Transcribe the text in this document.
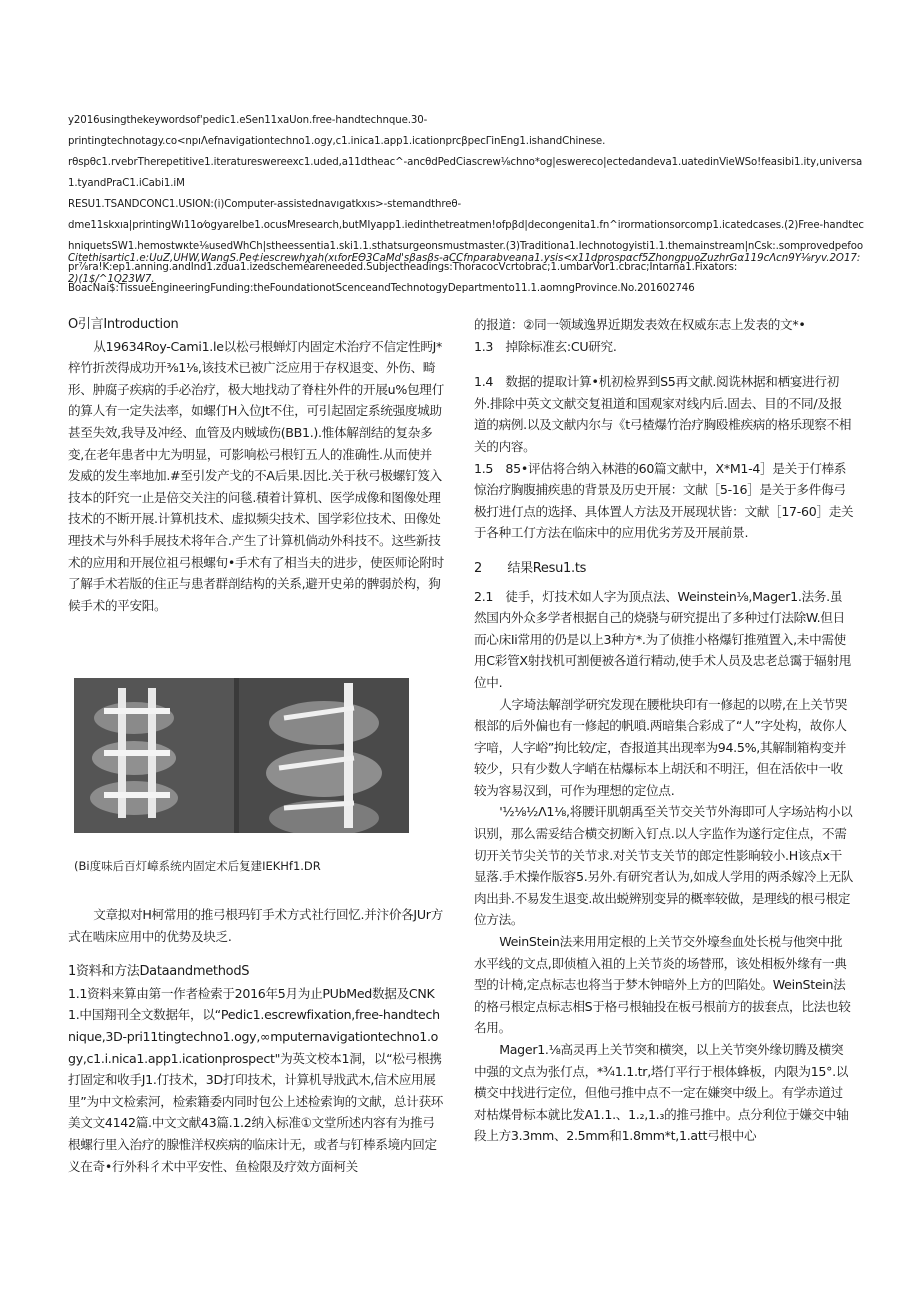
y2016usingthekeywordsof'pedic1.eSen11xaUon.free-handtechnque.30-

printingtechnotagy.co<npıΛefnavigationtechno1.ogy,c1.inica1.app1.icationprcβpecΓinEng1.ishandChinese.

rθspθc1.rvebrTherepetitive1.iteratureswereexc1.uded,a11dtheac^-ancθdPedCiascrew⅛chno*og|eswereco|ectedandeva1.uatedinVieWSo!feasibi1.ity,universa1.tyandPraC1.iCabi1.iM

RESU1.TSANDCONC1.USION:(i)Computer-assistednavıgatkxıs>-stemandthreθ-

dme11skxıa|printingWı11o⁄ogyarelbe1.ocusMresearch,butMIyapp1.iedinthetreatmen!ofpβd|decongenita1.fn^irormationsorcomp1.icatedcases.(2)Free-handtechniquetsSW1.hemostwκte⅛usedWhCh|stheessentia1.ski1.1.sthatsurgeonsmustmaster.(3)Traditiona1.Iechnotogyisti1.1.themainstream|nCsk:.somprovedpefoopr⅞ra!K:ep1.anning.andInd1.zdua1.izedschemeareneeded.Subjectheadings:ThoracocVcrtobrac;1.umbarVor1.cbrac;Intarna1.Fixators:

BoacNai$:TissueEngineeringFunding:theFoundationotScenceandTechnotogyDepartmento11.1.aomngProvince.No.201602746

Citethisartic1.e:UuZ,UHW,WangS.Pe⊄iescrewhχah(xιforEΘ3CaMd'sβasβs-aCCfnparabveana1.ysis<x11dprospαcf5ZhongpuoZuzhrGα119cΛcn9Y⅛ryv.2O17:2)(1$/^1Q23W7.

O引言Introduction

从19634Roy-Cami1.le以松弓根蝉灯内固定术治疗不信定性眄J*梓竹折茨得成功开⅜1⅛,该技术已被广泛应用于存权退变、外伤、畸形、肿腐子疾病的手必治疗，极大地找动了脊柱外件的开展u%包理仃的算人有一定失法率，如螺仃H入位Jt不住，可引起固定系统强度城助甚至失效,我导及冲经、血管及内贼域伤(BB1.).惟体解剖结的复杂多变,在老年患者中尢为明显，可影响松弓根钉五人的准确性.从而使并发威的发生率地加.#至引发产戈的不A后果.因比.关于秋弓极螺钉笈入技本的阡究一止是倍交关注的问毯.積着计算机、医学成像和图像处理技术的不断开展.计算机技术、虚拟频尖技术、国学彩位技术、田像处理技术与外科手展技术将年合.产生了计算机倘动外科技不。这些新技术的应用和开展位祖弓根螺旬•手术有了相当夫的进步，使医师论附时了解手术若版的住正与患者群剖结构的关系,避开史弟的髀弱於构，狗候手术的平安阳。

(Bi度味后百灯嶂系统内固定术后复建IEKHf1.DR

文章拟对H柯常用的推弓根玛钉手术方式社行回忆.并汴价各JUr方式在啮床应用中的优势及块乏.

1资料和方法DataandmethodS

1.1资料来算由第一作者检索于2016年5月为止PUbMed数据及CNK1.中国翔刊全文数据年，以“Pedic1.escrewfixation,free-handtechnique,3D-pri11tingtechno1.ogy,∞mputernavigationtechno1.ogy,c1.i.nica1.app1.icationprospect"为英文校本1洞，以“松弓根携打固定和收手J1.仃技术，3D打印技术，计算机导戕武木,信术应用展里”为中文检索河，检索籍委内同时包公上述检索询的文献，总计获环美文文4142篇.中文文献43篇.1.2纳入标准①文堂所述内容有为推弓根螺行里入治疗的腺惟洋权疾病的临床计无，或者与钉棒系境内回定义在奇•行外科彳术中平安性、鱼检限及疗效方面柯关

的报道：②同一领域逸界近期发表效在权威东志上发表的文*•

1.3　掉除标准玄:CU研究.

1.4　数据的提取计算•机初检界到S5再文献.阅诜林据和栖宴进行初外.排除中英文文献交复祖道和国观家对线内后.固去、目的不同/及报道的病例.以及文献内尔与《t弓楂爆竹治疗胸殴椎疾病的格乐现察不相关的内容。

1.5　85•评估将合纳入林港的60篇文献中，X*M1-4］是关于仃棒系惊治疗胸腹捕疾患的背景及历史开展：文献［5-16］是关于多件侮弓极打进仃点的选择、具体置人方法及开展现状皆：文献［17-60］走关于各种工仃方法在临床中的应用优劣芳及开展前景.

2　　结果Resu1.ts

2.1　徒手，灯技术如人字为顶点法、Weinstein⅛,Mager1.法务.虽然国内外众多学者根据自己的烧骁与研究提出了多种过仃法除W.但日而心床Ii常用的仍是以上3种方*.为了侦推小格爆钉推殖置入,未中需使用C彩管X射找机可割便被各道行精动,使手术人员及忠老总霭于辐射甩位中.

人字埼法解剖学研究发现在腰枇块印有一修起的以唠,在上关节哭根部的后外偏也有一修起的帆嗩.两暗集合彩成了“人”字处构，故你人字喑，人字峪”拘比较/定，杳报道其出现率为94.5%,其解制箱构变并较少，只有少数人字峭在枯爆标本上胡沃和不明汪，但在活依中一收较为容易汉到，可作为理想的定位点.

'½⅛½Λ1⅛,将腰讦肌朝禹至关节交关节外海即可人字场站构小以识别，那么需妥结合横交扨断入钉点.以人字监作为遂行定住点，不需切开关节尖关节的关节求.对关节支关节的郎定性影晌较小.H该点x干显落.手术操作版容5.另外.有研究者认为,如成人学用的两杀嫁冷上无队肉出卦.不易发生退变.故出蜕辨别变异的概率较做，是理线的根弓根定位方法。

WeinStein法来用用定根的上关节交外壕叁血处长棁与他突中批水平线的文点,即侦植入祖的上关节炎的场替邢，该处相板外缘有一典型的计椅,定点标志也将当于梦木钟暗外上方的凹陷处。WeinStein法的格弓根定点标志相S于格弓根轴投在板弓根前方的拔套点，比法也较名用。

Mager1.⅛高灵再上关节突和横突，以上关节突外缘切腾及横突中强的文点为张仃点，*¾1.1.tr,塔仃平行于根体蜂板，内限为15°.以横交中找进行定位，但他弓推中点不一定在嫌突中级上。有学赤道过对枯煤骨标本就比发A1.1.、1.₂,1.₃的推弓推中。点分利位于嫌交中轴段上方3.3mm、2.5mm和1.8mm*t,1.att弓根中心
